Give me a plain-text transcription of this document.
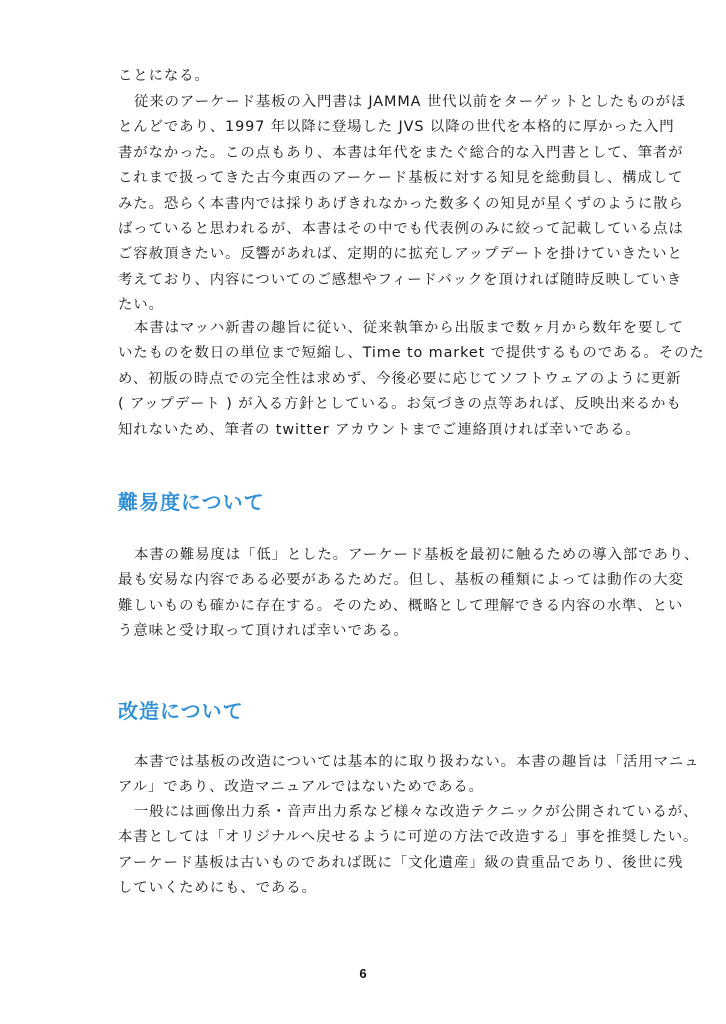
ことになる。

従来のアーケード基板の入門書は JAMMA 世代以前をターゲットとしたものがほ
とんどであり、1997 年以降に登場した JVS 以降の世代を本格的に厚かった入門
書がなかった。この点もあり、本書は年代をまたぐ総合的な入門書として、筆者が
これまで扱ってきた古今東西のアーケード基板に対する知見を総動員し、構成して
みた。恐らく本書内では採りあげきれなかった数多くの知見が星くずのように散ら
ばっていると思われるが、本書はその中でも代表例のみに絞って記載している点は
ご容赦頂きたい。反響があれば、定期的に拡充しアップデートを掛けていきたいと
考えており、内容についてのご感想やフィードバックを頂ければ随時反映していき
たい。

本書はマッハ新書の趣旨に従い、従来執筆から出版まで数ヶ月から数年を要して
いたものを数日の単位まで短縮し、Time to market で提供するものである。そのた
め、初版の時点での完全性は求めず、今後必要に応じてソフトウェアのように更新
( アップデート ) が入る方針としている。お気づきの点等あれば、反映出来るかも
知れないため、筆者の twitter アカウントまでご連絡頂ければ幸いである。

難易度について

本書の難易度は「低」とした。アーケード基板を最初に触るための導入部であり、
最も安易な内容である必要があるためだ。但し、基板の種類によっては動作の大変
難しいものも確かに存在する。そのため、概略として理解できる内容の水準、とい
う意味と受け取って頂ければ幸いである。

改造について

本書では基板の改造については基本的に取り扱わない。本書の趣旨は「活用マニュ
アル」であり、改造マニュアルではないためである。

一般には画像出力系・音声出力系など様々な改造テクニックが公開されているが、
本書としては「オリジナルへ戻せるように可逆の方法で改造する」事を推奨したい。
アーケード基板は古いものであれば既に「文化遺産」級の貴重品であり、後世に残
していくためにも、である。

6
